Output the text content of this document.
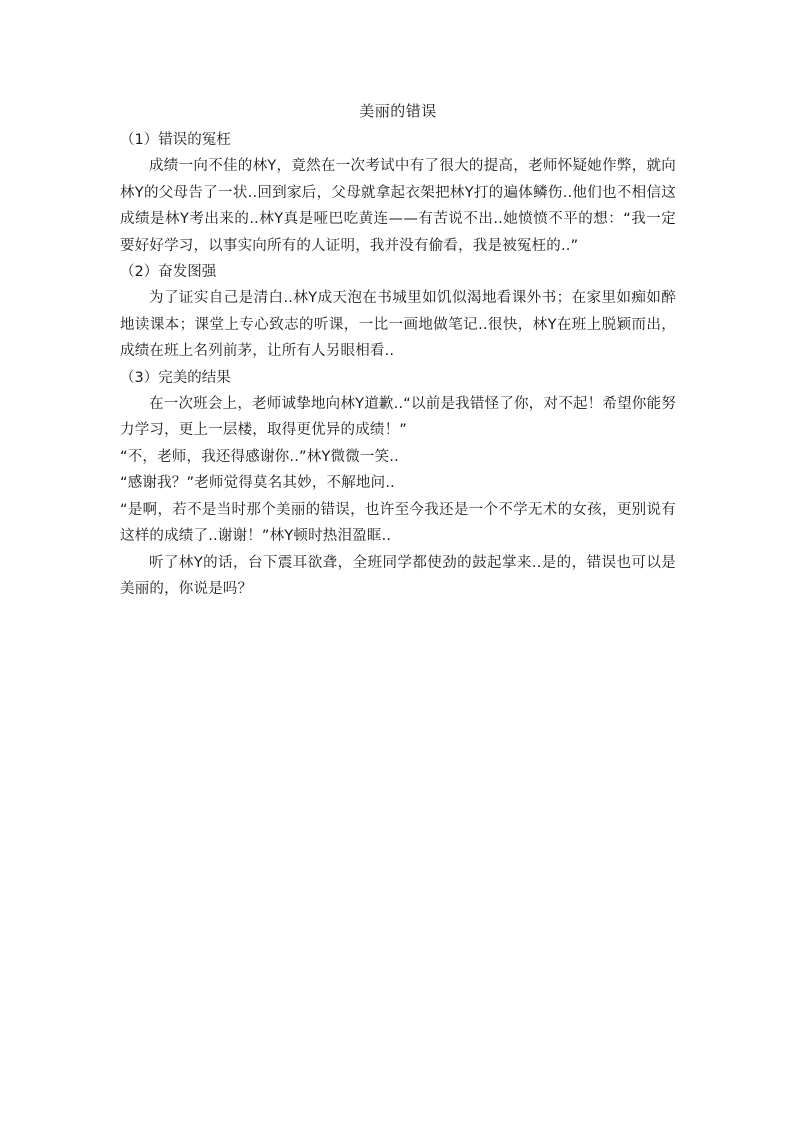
美丽的错误

（1）错误的冤枉

成绩一向不佳的林Y，竟然在一次考试中有了很大的提高，老师怀疑她作弊，就向林Y的父母告了一状..回到家后，父母就拿起衣架把林Y打的遍体鳞伤..他们也不相信这成绩是林Y考出来的..林Y真是哑巴吃黄连——有苦说不出..她愤愤不平的想：“我一定要好好学习，以事实向所有的人证明，我并没有偷看，我是被冤枉的..”

（2）奋发图强

为了证实自己是清白..林Y成天泡在书城里如饥似渴地看课外书；在家里如痴如醉地读课本；课堂上专心致志的听课，一比一画地做笔记..很快，林Y在班上脱颖而出，成绩在班上名列前茅，让所有人另眼相看..

（3）完美的结果

在一次班会上，老师诚挚地向林Y道歉..“以前是我错怪了你，对不起！希望你能努力学习，更上一层楼，取得更优异的成绩！”

“不，老师，我还得感谢你..”林Y微微一笑..

“感谢我？”老师觉得莫名其妙，不解地问..

“是啊，若不是当时那个美丽的错误，也许至今我还是一个不学无术的女孩，更别说有这样的成绩了..谢谢！”林Y顿时热泪盈眶..

听了林Y的话，台下震耳欲聋，全班同学都使劲的鼓起掌来..是的，错误也可以是美丽的，你说是吗？
